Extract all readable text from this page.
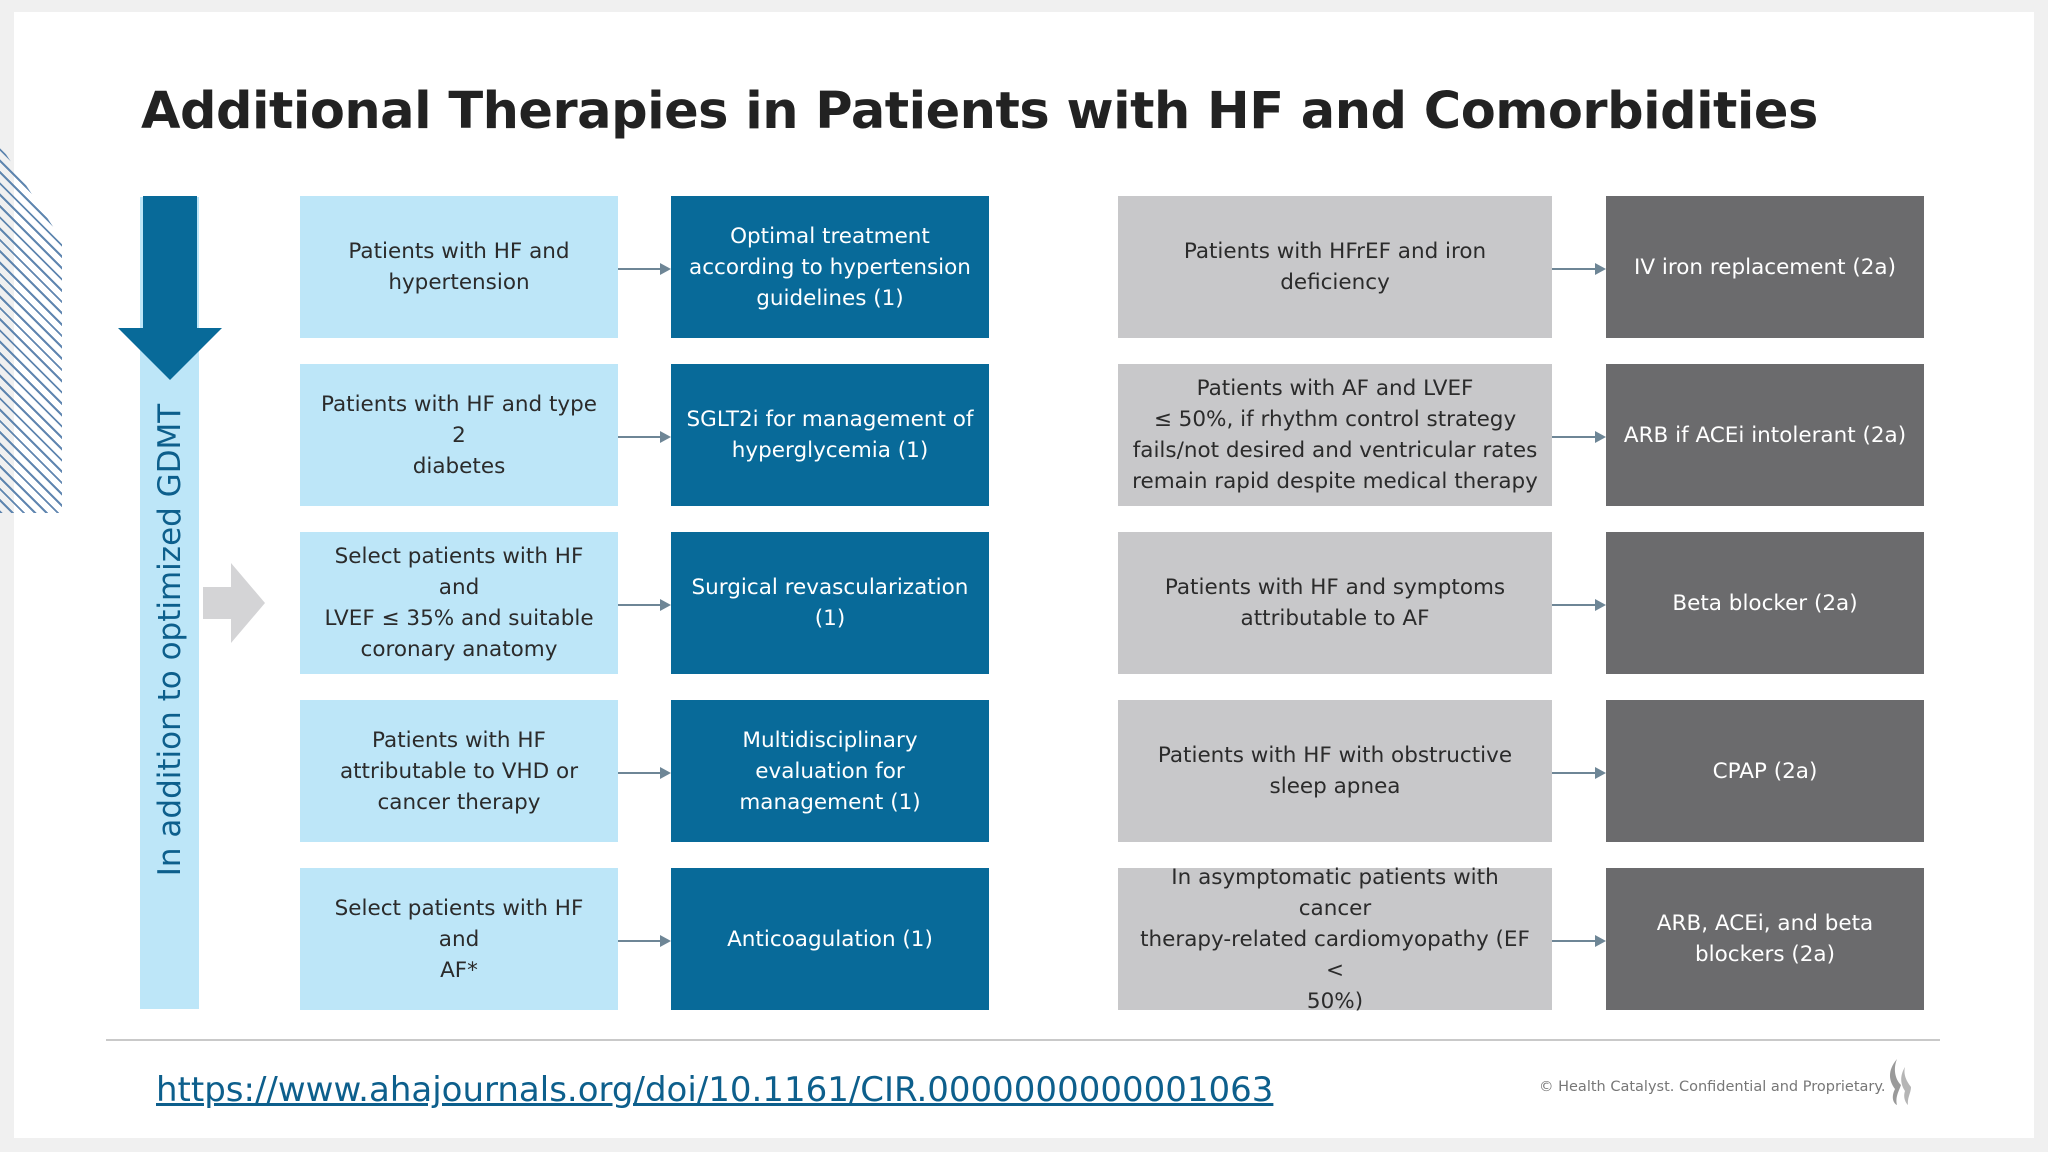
Additional Therapies in Patients with HF and Comorbidities
In addition to optimized GDMT
Patients with HF and
hypertension
Optimal treatment
according to hypertension
guidelines (1)
Patients with HF and type 2
diabetes
SGLT2i for management of
hyperglycemia (1)
Select patients with HF and
LVEF ≤ 35% and suitable
coronary anatomy
Surgical revascularization
(1)
Patients with HF
attributable to VHD or
cancer therapy
Multidisciplinary
evaluation for
management (1)
Select patients with HF and
AF*
Anticoagulation (1)
Patients with HFrEF and iron
deficiency
IV iron replacement (2a)
Patients with AF and LVEF
≤ 50%, if rhythm control strategy
fails/not desired and ventricular rates
remain rapid despite medical therapy
ARB if ACEi intolerant (2a)
Patients with HF and symptoms
attributable to AF
Beta blocker (2a)
Patients with HF with obstructive
sleep apnea
CPAP (2a)
In asymptomatic patients with cancer
therapy-related cardiomyopathy (EF <
50%)
ARB, ACEi, and beta
blockers (2a)
https://www.ahajournals.org/doi/10.1161/CIR.0000000000001063	© Health Catalyst. Confidential and Proprietary.
